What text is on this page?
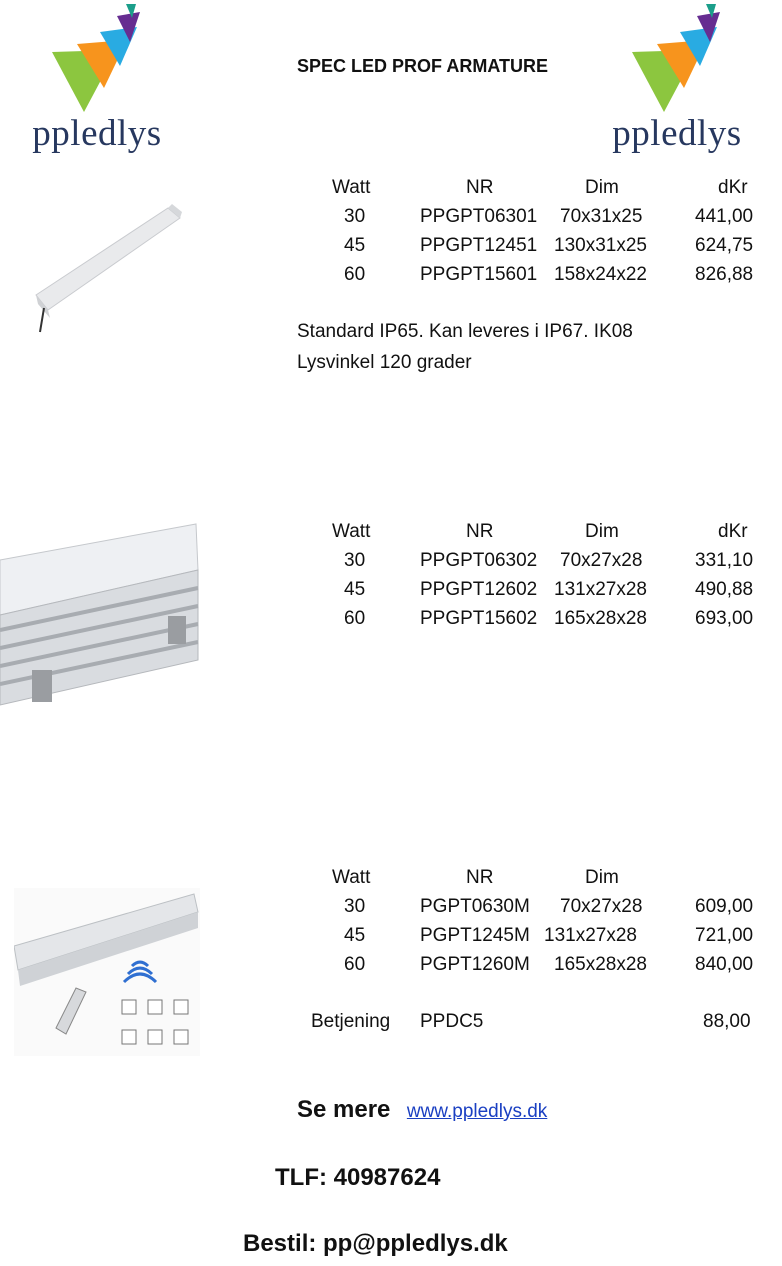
ppledlys
SPEC LED PROF ARMATURE
ppledlys
Watt	NR	Dim	dKr
30	PPGPT06301 70x31x25	441,00
45	PPGPT12451 130x31x25	624,75
60	PPGPT15601 158x24x22	826,88
Standard IP65. Kan leveres i IP67. IK08
Lysvinkel 120 grader
Watt	NR	Dim	dKr
30	PPGPT06302 70x27x28	331,10
45	PPGPT12602 131x27x28	490,88
60	PPGPT15602 165x28x28	693,00
Watt	NR	Dim
30	PGPT0630M 70x27x28	609,00
45	PGPT1245M 131x27x28	721,00
60	PGPT1260M 165x28x28	840,00
Betjening PPDC5	88,00
Se mere www.ppledlys.dk
TLF: 40987624
Bestil: pp@ppledlys.dk
